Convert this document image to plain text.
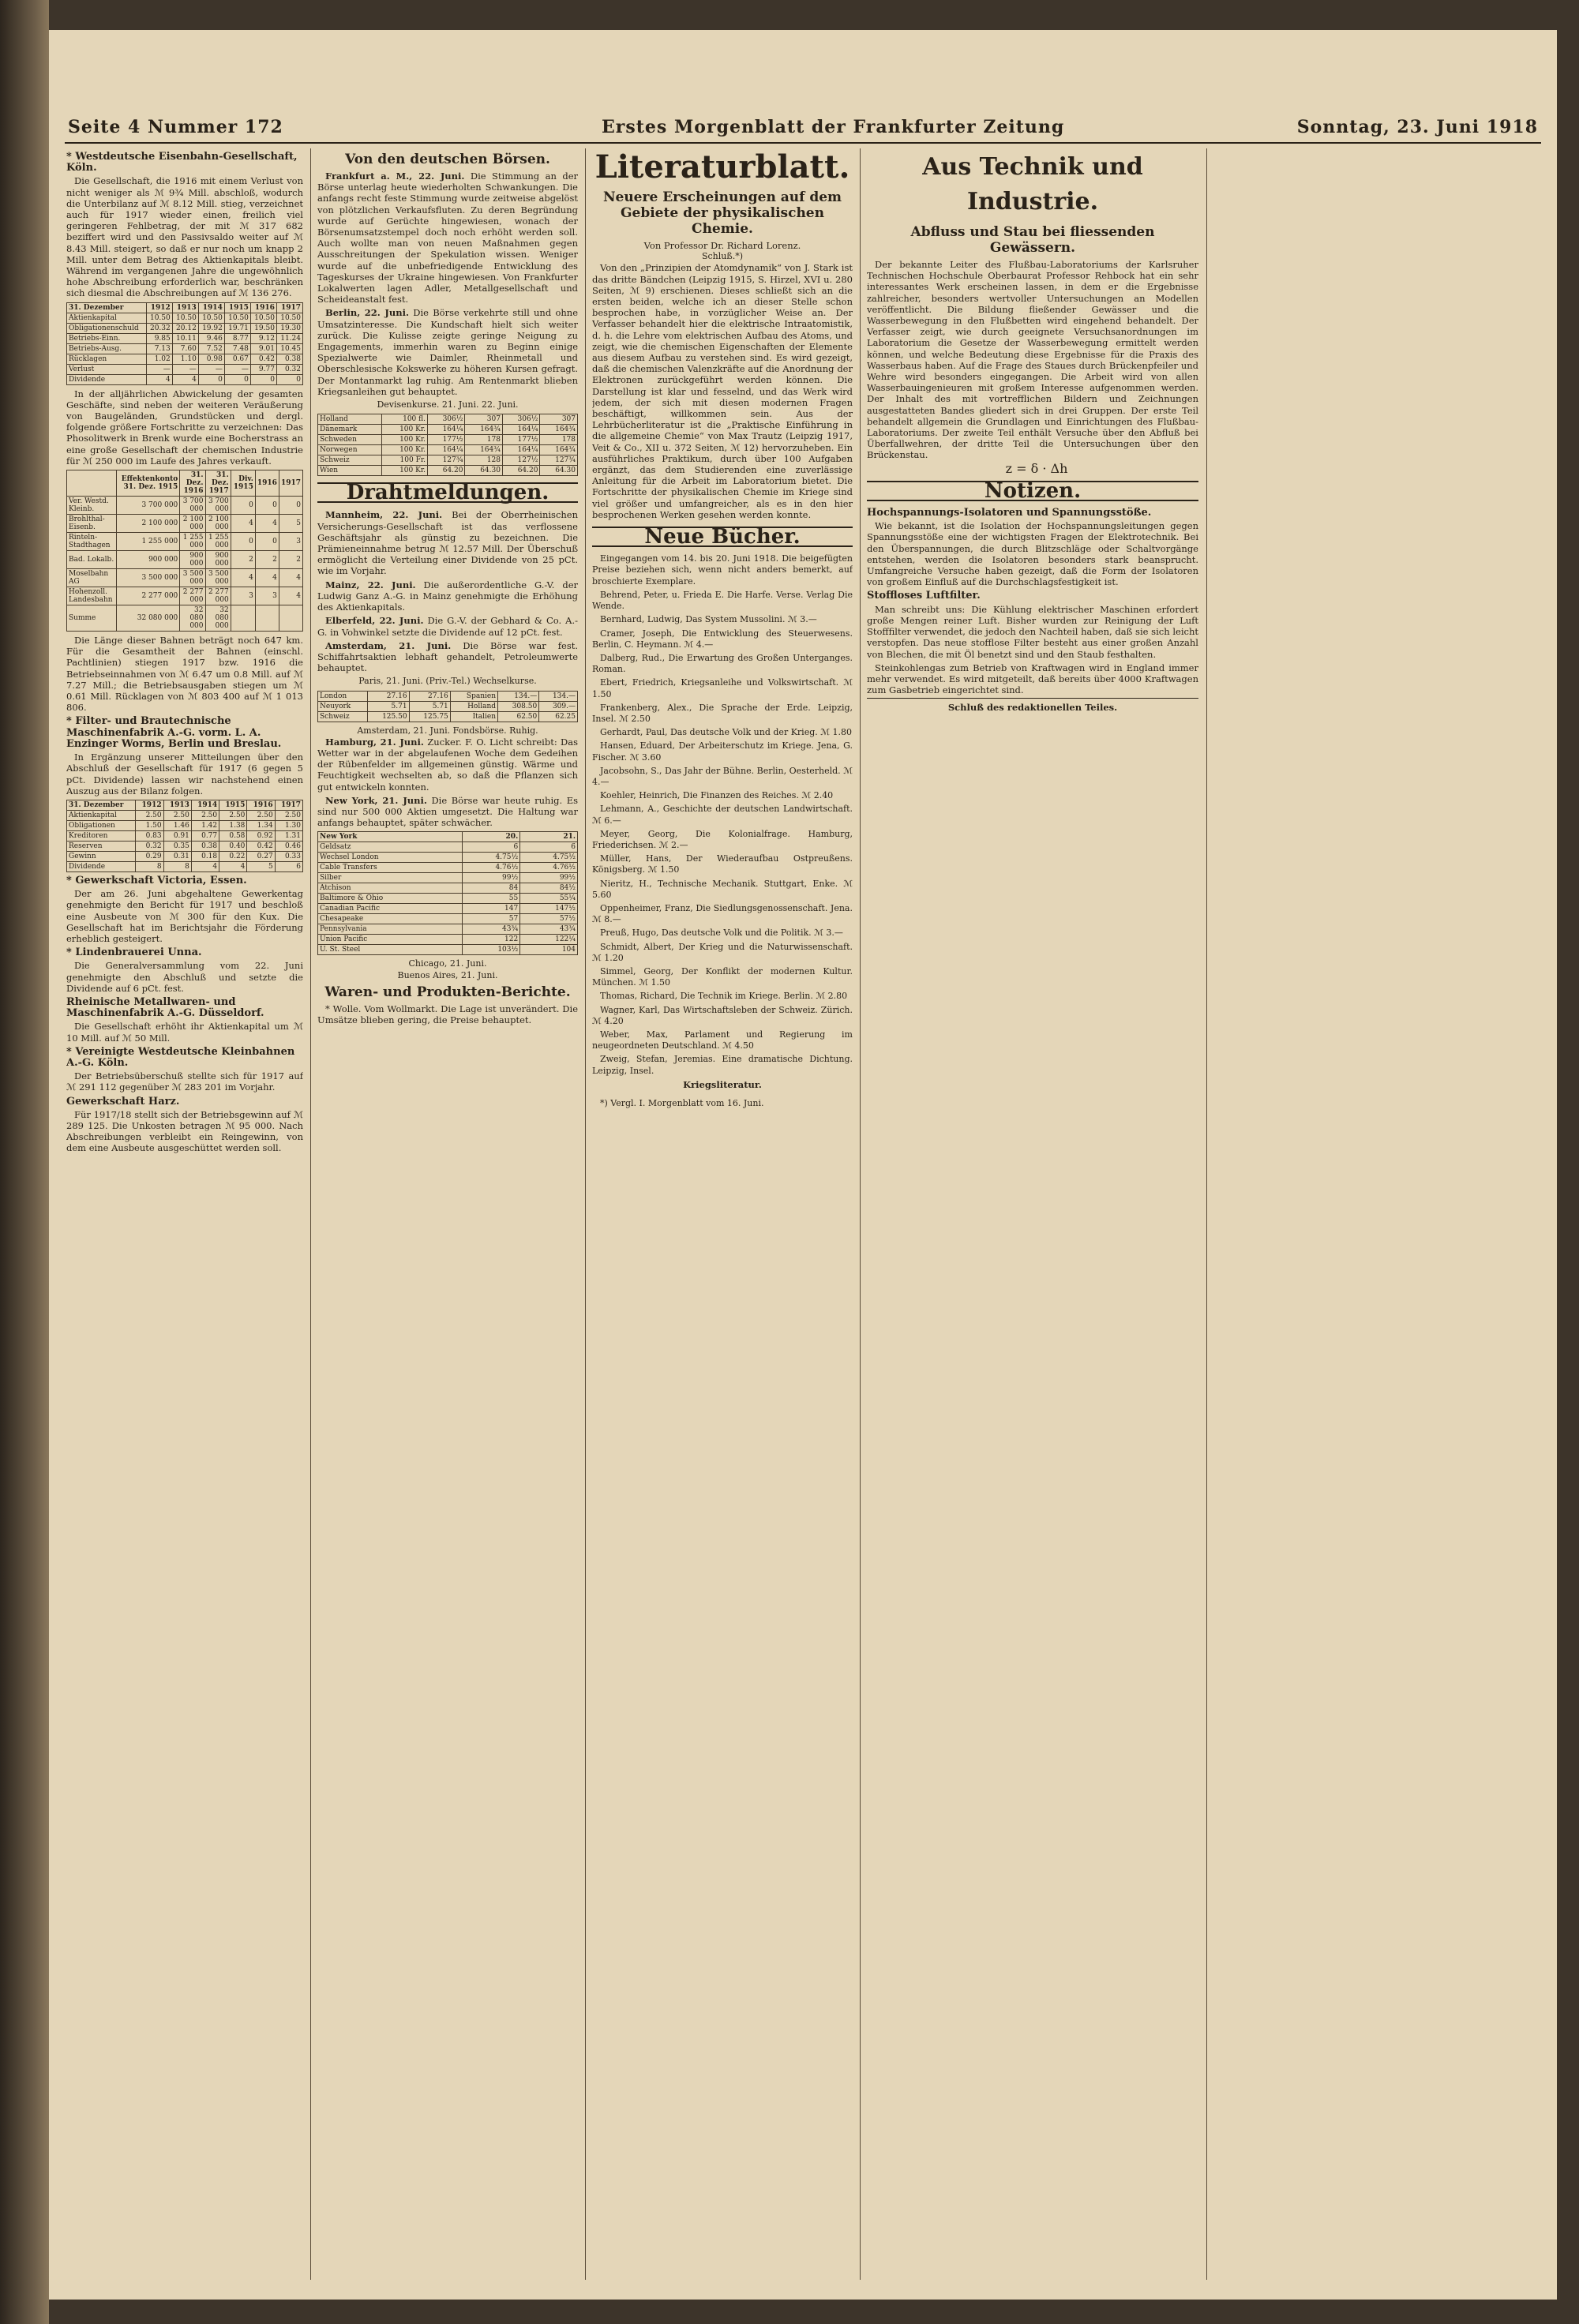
Seite 4 Nummer 172	Erstes Morgenblatt der Frankfurter Zeitung	Sonntag, 23. Juni 1918
* Westdeutsche Eisenbahn-Gesellschaft, Köln.

Die Gesellschaft, die 1916 mit einem Verlust von nicht weniger als ℳ 9¾ Mill. abschloß, wodurch die Unterbilanz auf ℳ 8.12 Mill. stieg, verzeichnet auch für 1917 wieder einen, freilich viel geringeren Fehlbetrag, der mit ℳ 317 682 beziffert wird und den Passivsaldo weiter auf ℳ 8.43 Mill. steigert, so daß er nur noch um knapp 2 Mill. unter dem Betrag des Aktienkapitals bleibt. Während im vergangenen Jahre die ungewöhnlich hohe Abschreibung erforderlich war, beschränken sich diesmal die Abschreibungen auf ℳ 136 276.

31. Dezember	1912	1913	1914	1915	1916	1917
Aktienkapital	10.50	10.50	10.50	10.50	10.50	10.50
Obligationenschuld	20.32	20.12	19.92	19.71	19.50	19.30
Betriebs-Einn.	9.85	10.11	9.46	8.77	9.12	11.24
Betriebs-Ausg.	7.13	7.60	7.52	7.48	9.01	10.45
Rücklagen	1.02	1.10	0.98	0.67	0.42	0.38
Verlust	—	—	—	—	9.77	0.32
Dividende	4	4	0	0	0	0

In der alljährlichen Abwickelung der gesamten Geschäfte, sind neben der weiteren Veräußerung von Baugeländen, Grundstücken und dergl. folgende größere Fortschritte zu verzeichnen: Das Phosolitwerk in Brenk wurde eine Bocherstrass an eine große Gesellschaft der chemischen Industrie für ℳ 250 000 im Laufe des Jahres verkauft.

	Effektenkonto 31. Dez. 1915	31. Dez. 1916	31. Dez. 1917	Div. 1915	1916	1917
Ver. Westd. Kleinb.	3 700 000	3 700 000	3 700 000	0	0	0
Brohlthal-Eisenb.	2 100 000	2 100 000	2 100 000	4	4	5
Rinteln-Stadthagen	1 255 000	1 255 000	1 255 000	0	0	3
Bad. Lokalb.	900 000	900 000	900 000	2	2	2
Moselbahn AG	3 500 000	3 500 000	3 500 000	4	4	4
Hohenzoll. Landesbahn	2 277 000	2 277 000	2 277 000	3	3	4
Summe	32 080 000	32 080 000	32 080 000			

Die Länge dieser Bahnen beträgt noch 647 km. Für die Gesamtheit der Bahnen (einschl. Pachtlinien) stiegen 1917 bzw. 1916 die Betriebseinnahmen von ℳ 6.47 um 0.8 Mill. auf ℳ 7.27 Mill.; die Betriebsausgaben stiegen um ℳ 0.61 Mill. Rücklagen von ℳ 803 400 auf ℳ 1 013 806.

* Filter- und Brautechnische Maschinenfabrik A.-G. vorm. L. A. Enzinger Worms, Berlin und Breslau.

In Ergänzung unserer Mitteilungen über den Abschluß der Gesellschaft für 1917 (6 gegen 5 pCt. Dividende) lassen wir nachstehend einen Auszug aus der Bilanz folgen.

31. Dezember	1912	1913	1914	1915	1916	1917
Aktienkapital	2.50	2.50	2.50	2.50	2.50	2.50
Obligationen	1.50	1.46	1.42	1.38	1.34	1.30
Kreditoren	0.83	0.91	0.77	0.58	0.92	1.31
Reserven	0.32	0.35	0.38	0.40	0.42	0.46
Gewinn	0.29	0.31	0.18	0.22	0.27	0.33
Dividende	8	8	4	4	5	6
* Gewerkschaft Victoria, Essen.

Der am 26. Juni abgehaltene Gewerkentag genehmigte den Bericht für 1917 und beschloß eine Ausbeute von ℳ 300 für den Kux. Die Gesellschaft hat im Berichtsjahr die Förderung erheblich gesteigert.

* Lindenbrauerei Unna.

Die Generalversammlung vom 22. Juni genehmigte den Abschluß und setzte die Dividende auf 6 pCt. fest.

Rheinische Metallwaren- und Maschinenfabrik A.-G. Düsseldorf.

Die Gesellschaft erhöht ihr Aktienkapital um ℳ 10 Mill. auf ℳ 50 Mill.

* Vereinigte Westdeutsche Kleinbahnen A.-G. Köln.

Der Betriebsüberschuß stellte sich für 1917 auf ℳ 291 112 gegenüber ℳ 283 201 im Vorjahr.

Gewerkschaft Harz.

Für 1917/18 stellt sich der Betriebsgewinn auf ℳ 289 125. Die Unkosten betragen ℳ 95 000. Nach Abschreibungen verbleibt ein Reingewinn, von dem eine Ausbeute ausgeschüttet werden soll.

Von den deutschen Börsen.

Frankfurt a. M., 22. Juni. Die Stimmung an der Börse unterlag heute wiederholten Schwankungen. Die anfangs recht feste Stimmung wurde zeitweise abgelöst von plötzlichen Verkaufsfluten. Zu deren Begründung wurde auf Gerüchte hingewiesen, wonach der Börsenumsatzstempel doch noch erhöht werden soll. Auch wollte man von neuen Maßnahmen gegen Ausschreitungen der Spekulation wissen. Weniger wurde auf die unbefriedigende Entwicklung des Tageskurses der Ukraine hingewiesen. Von Frankfurter Lokalwerten lagen Adler, Metallgesellschaft und Scheideanstalt fest.

Berlin, 22. Juni. Die Börse verkehrte still und ohne Umsatzinteresse. Die Kundschaft hielt sich weiter zurück. Die Kulisse zeigte geringe Neigung zu Engagements, immerhin waren zu Beginn einige Spezialwerte wie Daimler, Rheinmetall und Oberschlesische Kokswerke zu höheren Kursen gefragt. Der Montanmarkt lag ruhig. Am Rentenmarkt blieben Kriegsanleihen gut behauptet.

Devisenkurse. 21. Juni. 22. Juni.
Holland	100 fl.	306½	307	306½	307
Dänemark	100 Kr.	164¼	164¾	164¼	164¾
Schweden	100 Kr.	177½	178	177½	178
Norwegen	100 Kr.	164¼	164¾	164¼	164¾
Schweiz	100 Fr.	127¾	128	127½	127¾
Wien	100 Kr.	64.20	64.30	64.20	64.30
Drahtmeldungen.

Mannheim, 22. Juni. Bei der Oberrheinischen Versicherungs-Gesellschaft ist das verflossene Geschäftsjahr als günstig zu bezeichnen. Die Prämieneinnahme betrug ℳ 12.57 Mill. Der Überschuß ermöglicht die Verteilung einer Dividende von 25 pCt. wie im Vorjahr.

Mainz, 22. Juni. Die außerordentliche G.-V. der Ludwig Ganz A.-G. in Mainz genehmigte die Erhöhung des Aktienkapitals.

Elberfeld, 22. Juni. Die G.-V. der Gebhard & Co. A.-G. in Vohwinkel setzte die Dividende auf 12 pCt. fest.

Amsterdam, 21. Juni. Die Börse war fest. Schiffahrtsaktien lebhaft gehandelt, Petroleumwerte behauptet.

Paris, 21. Juni. (Priv.-Tel.) Wechselkurse.
London	27.16	27.16	Spanien	134.—	134.—
Neuyork	5.71	5.71	Holland	308.50	309.—
Schweiz	125.50	125.75	Italien	62.50	62.25
Amsterdam, 21. Juni. Fondsbörse. Ruhig.

Hamburg, 21. Juni. Zucker. F. O. Licht schreibt: Das Wetter war in der abgelaufenen Woche dem Gedeihen der Rübenfelder im allgemeinen günstig. Wärme und Feuchtigkeit wechselten ab, so daß die Pflanzen sich gut entwickeln konnten.

New York, 21. Juni. Die Börse war heute ruhig. Es sind nur 500 000 Aktien umgesetzt. Die Haltung war anfangs behauptet, später schwächer.

New York	20.	21.
Geldsatz	6	6
Wechsel London	4.75½	4.75½
Cable Transfers	4.76½	4.76½
Silber	99½	99½
Atchison	84	84½
Baltimore & Ohio	55	55¼
Canadian Pacific	147	147½
Chesapeake	57	57½
Pennsylvania	43¾	43¾
Union Pacific	122	122¼
U. St. Steel	103½	104
Chicago, 21. Juni.
Buenos Aires, 21. Juni.
Waren- und Produkten-Berichte.

* Wolle. Vom Wollmarkt. Die Lage ist unverändert. Die Umsätze blieben gering, die Preise behauptet.

Literaturblatt.
Neuere Erscheinungen auf dem Gebiete der physikalischen Chemie.
Von Professor Dr. Richard Lorenz.
Schluß.*)

Von den „Prinzipien der Atomdynamik“ von J. Stark ist das dritte Bändchen (Leipzig 1915, S. Hirzel, XVI u. 280 Seiten, ℳ 9) erschienen. Dieses schließt sich an die ersten beiden, welche ich an dieser Stelle schon besprochen habe, in vorzüglicher Weise an. Der Verfasser behandelt hier die elektrische Intraatomistik, d. h. die Lehre vom elektrischen Aufbau des Atoms, und zeigt, wie die chemischen Eigenschaften der Elemente aus diesem Aufbau zu verstehen sind. Es wird gezeigt, daß die chemischen Valenzkräfte auf die Anordnung der Elektronen zurückgeführt werden können. Die Darstellung ist klar und fesselnd, und das Werk wird jedem, der sich mit diesen modernen Fragen beschäftigt, willkommen sein. Aus der Lehrbücherliteratur ist die „Praktische Einführung in die allgemeine Chemie“ von Max Trautz (Leipzig 1917, Veit & Co., XII u. 372 Seiten, ℳ 12) hervorzuheben. Ein ausführliches Praktikum, durch über 100 Aufgaben ergänzt, das dem Studierenden eine zuverlässige Anleitung für die Arbeit im Laboratorium bietet. Die Fortschritte der physikalischen Chemie im Kriege sind viel größer und umfangreicher, als es in den hier besprochenen Werken gesehen werden konnte.

Neue Bücher.

Eingegangen vom 14. bis 20. Juni 1918. Die beigefügten Preise beziehen sich, wenn nicht anders bemerkt, auf broschierte Exemplare.

Behrend, Peter, u. Frieda E. Die Harfe. Verse. Verlag Die Wende.

Bernhard, Ludwig, Das System Mussolini. ℳ 3.—

Cramer, Joseph, Die Entwicklung des Steuerwesens. Berlin, C. Heymann. ℳ 4.—

Dalberg, Rud., Die Erwartung des Großen Unterganges. Roman.

Ebert, Friedrich, Kriegsanleihe und Volkswirtschaft. ℳ 1.50

Frankenberg, Alex., Die Sprache der Erde. Leipzig, Insel. ℳ 2.50

Gerhardt, Paul, Das deutsche Volk und der Krieg. ℳ 1.80

Hansen, Eduard, Der Arbeiterschutz im Kriege. Jena, G. Fischer. ℳ 3.60

Jacobsohn, S., Das Jahr der Bühne. Berlin, Oesterheld. ℳ 4.—

Koehler, Heinrich, Die Finanzen des Reiches. ℳ 2.40

Lehmann, A., Geschichte der deutschen Landwirtschaft. ℳ 6.—

Meyer, Georg, Die Kolonialfrage. Hamburg, Friederichsen. ℳ 2.—

Müller, Hans, Der Wiederaufbau Ostpreußens. Königsberg. ℳ 1.50

Nieritz, H., Technische Mechanik. Stuttgart, Enke. ℳ 5.60

Oppenheimer, Franz, Die Siedlungsgenossenschaft. Jena. ℳ 8.—

Preuß, Hugo, Das deutsche Volk und die Politik. ℳ 3.—

Schmidt, Albert, Der Krieg und die Naturwissenschaft. ℳ 1.20

Simmel, Georg, Der Konflikt der modernen Kultur. München. ℳ 1.50

Thomas, Richard, Die Technik im Kriege. Berlin. ℳ 2.80

Wagner, Karl, Das Wirtschaftsleben der Schweiz. Zürich. ℳ 4.20

Weber, Max, Parlament und Regierung im neugeordneten Deutschland. ℳ 4.50

Zweig, Stefan, Jeremias. Eine dramatische Dichtung. Leipzig, Insel.

Kriegsliteratur.

*) Vergl. I. Morgenblatt vom 16. Juni.

Aus Technik und Industrie.
Abfluss und Stau bei fliessenden Gewässern.

Der bekannte Leiter des Flußbau-Laboratoriums der Karlsruher Technischen Hochschule Oberbaurat Professor Rehbock hat ein sehr interessantes Werk erscheinen lassen, in dem er die Ergebnisse zahlreicher, besonders wertvoller Untersuchungen an Modellen veröffentlicht. Die Bildung fließender Gewässer und die Wasserbewegung in den Flußbetten wird eingehend behandelt. Der Verfasser zeigt, wie durch geeignete Versuchsanordnungen im Laboratorium die Gesetze der Wasserbewegung ermittelt werden können, und welche Bedeutung diese Ergebnisse für die Praxis des Wasserbaus haben. Auf die Frage des Staues durch Brückenpfeiler und Wehre wird besonders eingegangen. Die Arbeit wird von allen Wasserbauingenieuren mit großem Interesse aufgenommen werden. Der Inhalt des mit vortrefflichen Bildern und Zeichnungen ausgestatteten Bandes gliedert sich in drei Gruppen. Der erste Teil behandelt allgemein die Grundlagen und Einrichtungen des Flußbau-Laboratoriums. Der zweite Teil enthält Versuche über den Abfluß bei Überfallwehren, der dritte Teil die Untersuchungen über den Brückenstau.

z = δ · Δh

Notizen.
Hochspannungs-Isolatoren und Spannungsstöße.

Wie bekannt, ist die Isolation der Hochspannungsleitungen gegen Spannungsstöße eine der wichtigsten Fragen der Elektrotechnik. Bei den Überspannungen, die durch Blitzschläge oder Schaltvorgänge entstehen, werden die Isolatoren besonders stark beansprucht. Umfangreiche Versuche haben gezeigt, daß die Form der Isolatoren von großem Einfluß auf die Durchschlagsfestigkeit ist.

Stoffloses Luftfilter.

Man schreibt uns: Die Kühlung elektrischer Maschinen erfordert große Mengen reiner Luft. Bisher wurden zur Reinigung der Luft Stofffilter verwendet, die jedoch den Nachteil haben, daß sie sich leicht verstopfen. Das neue stofflose Filter besteht aus einer großen Anzahl von Blechen, die mit Öl benetzt sind und den Staub festhalten.

Steinkohlengas zum Betrieb von Kraftwagen wird in England immer mehr verwendet. Es wird mitgeteilt, daß bereits über 4000 Kraftwagen zum Gasbetrieb eingerichtet sind.

Schluß des redaktionellen Teiles.
